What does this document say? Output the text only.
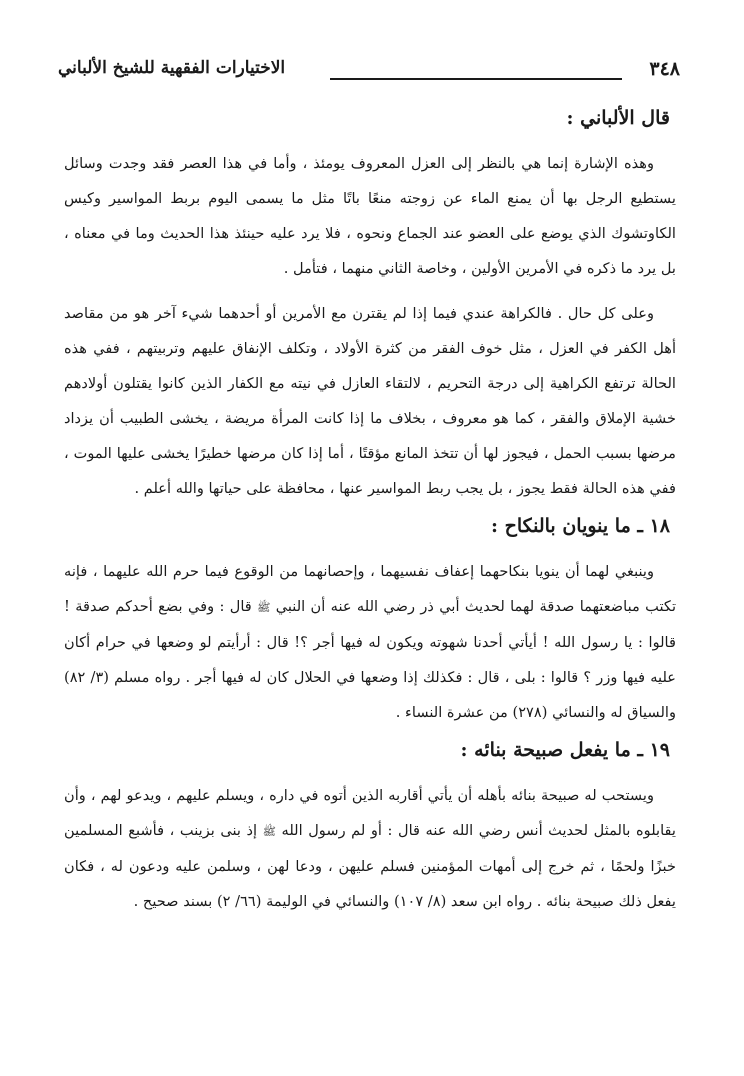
٣٤٨
الاختيارات الفقهية للشيخ الألباني

قال الألباني :

وهذه الإشارة إنما هي بالنظر إلى العزل المعروف يومئذ ، وأما في هذا العصر فقد وجدت وسائل يستطيع الرجل بها أن يمنع الماء عن زوجته منعًا باتًا مثل ما يسمى اليوم بربط المواسير وكيس الكاوتشوك الذي يوضع على العضو عند الجماع ونحوه ، فلا يرد عليه حينئذ هذا الحديث وما في معناه ، بل يرد ما ذكره في الأمرين الأولين ، وخاصة الثاني منهما ، فتأمل .

وعلى كل حال . فالكراهة عندي فيما إذا لم يقترن مع الأمرين أو أحدهما شيء آخر هو من مقاصد أهل الكفر في العزل ، مثل خوف الفقر من كثرة الأولاد ، وتكلف الإنفاق عليهم وتربيتهم ، ففي هذه الحالة ترتفع الكراهية إلى درجة التحريم ، لالتقاء العازل في نيته مع الكفار الذين كانوا يقتلون أولادهم خشية الإملاق والفقر ، كما هو معروف ، بخلاف ما إذا كانت المرأة مريضة ، يخشى الطبيب أن يزداد مرضها بسبب الحمل ، فيجوز لها أن تتخذ المانع مؤقتًا ، أما إذا كان مرضها خطيرًا يخشى عليها الموت ، ففي هذه الحالة فقط يجوز ، بل يجب ربط المواسير عنها ، محافظة على حياتها والله أعلم .

١٨ ـ ما ينويان بالنكاح :

وينبغي لهما أن ينويا بنكاحهما إعفاف نفسيهما ، وإحصانهما من الوقوع فيما حرم الله عليهما ، فإنه تكتب مباضعتهما صدقة لهما لحديث أبي ذر رضي الله عنه أن النبي ﷺ قال : وفي بضع أحدكم صدقة ! قالوا : يا رسول الله ! أيأتي أحدنا شهوته ويكون له فيها أجر ؟! قال : أرأيتم لو وضعها في حرام أكان عليه فيها وزر ؟ قالوا : بلى ، قال : فكذلك إذا وضعها في الحلال كان له فيها أجر . رواه مسلم (٣/ ٨٢) والسياق له والنسائي (٢٧٨) من عشرة النساء .

١٩ ـ ما يفعل صبيحة بنائه :

ويستحب له صبيحة بنائه بأهله أن يأتي أقاربه الذين أتوه في داره ، ويسلم عليهم ، ويدعو لهم ، وأن يقابلوه بالمثل لحديث أنس رضي الله عنه قال : أو لم رسول الله ﷺ إذ بنى بزينب ، فأشبع المسلمين خبزًا ولحمًا ، ثم خرج إلى أمهات المؤمنين فسلم عليهن ، ودعا لهن ، وسلمن عليه ودعون له ، فكان يفعل ذلك صبيحة بنائه . رواه ابن سعد (٨/ ١٠٧) والنسائي في الوليمة (٦٦/ ٢) بسند صحيح .
